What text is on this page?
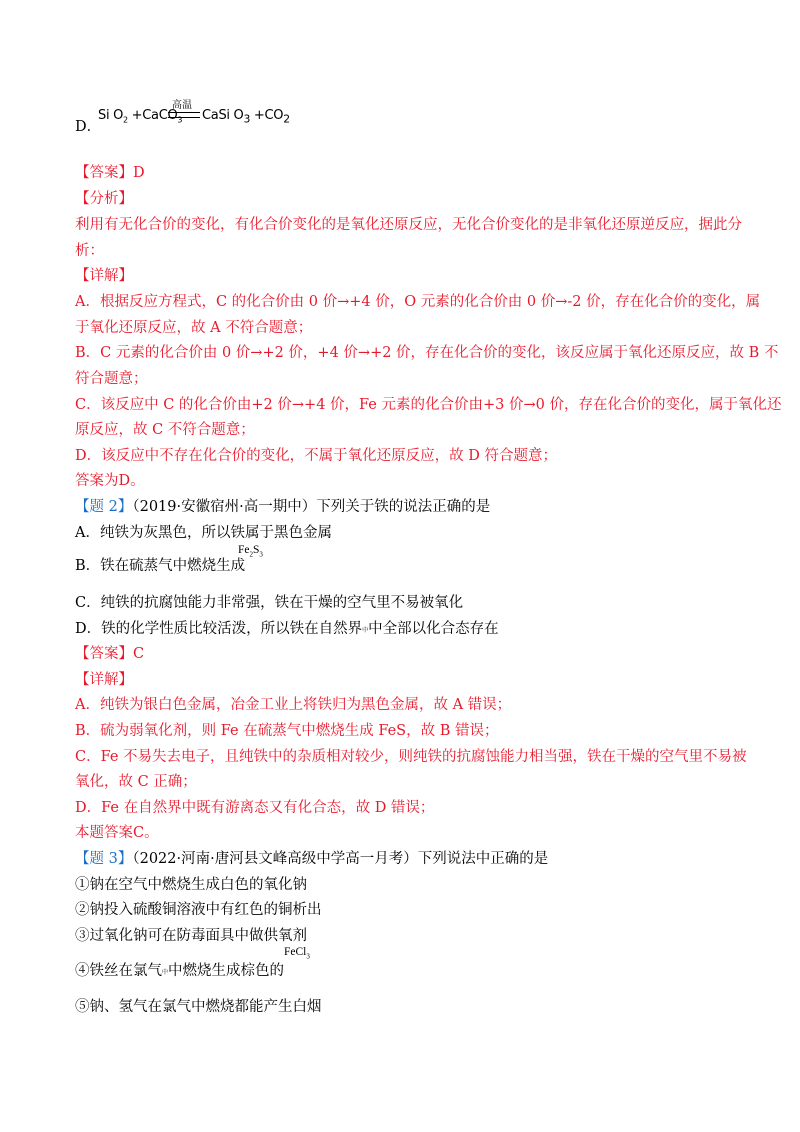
D．
Si $O_2$ +CaCO$_3$
高温
CaSi $O_3 +CO_2$
【答案】D
【分析】
利用有无化合价的变化，有化合价变化的是氧化还原反应，无化合价变化的是非氧化还原逆反应，据此分
析：
【详解】
A．根据反应方程式，C 的化合价由 0 价→+4 价，O 元素的化合价由 0 价→-2 价，存在化合价的变化，属
于氧化还原反应，故 A 不符合题意；
B．C 元素的化合价由 0 价→+2 价，+4 价→+2 价，存在化合价的变化，该反应属于氧化还原反应，故 B 不
符合题意；
C．该反应中 C 的化合价由+2 价→+4 价，Fe 元素的化合价由+3 价→0 价，存在化合价的变化，属于氧化还
原反应，故 C 不符合题意；
D．该反应中不存在化合价的变化，不属于氧化还原反应，故 D 符合题意；
答案为D。
【题 2】（2019·安徽宿州·高一期中）下列关于铁的说法正确的是
A．纯铁为灰黑色，所以铁属于黑色金属
B．铁在硫蒸气中燃烧生成
$Fe_2S_3$
C．纯铁的抗腐蚀能力非常强，铁在干燥的空气里不易被氧化
D．铁的化学性质比较活泼，所以铁在自然界中中全部以化合态存在
【答案】C
【详解】
A．纯铁为银白色金属，冶金工业上将铁归为黑色金属，故 A 错误；
B．硫为弱氧化剂，则 Fe 在硫蒸气中燃烧生成 FeS，故 B 错误；
C．Fe 不易失去电子，且纯铁中的杂质相对较少，则纯铁的抗腐蚀能力相当强，铁在干燥的空气里不易被
氧化，故 C 正确；
D．Fe 在自然界中既有游离态又有化合态，故 D 错误；
本题答案C。
【题 3】（2022·河南·唐河县文峰高级中学高一月考）下列说法中正确的是
①钠在空气中燃烧生成白色的氧化钠
②钠投入硫酸铜溶液中有红色的铜析出
③过氧化钠可在防毒面具中做供氧剂
④铁丝在氯气中中燃烧生成棕色的
FeCl$_3$
⑤钠、氢气在氯气中燃烧都能产生白烟
